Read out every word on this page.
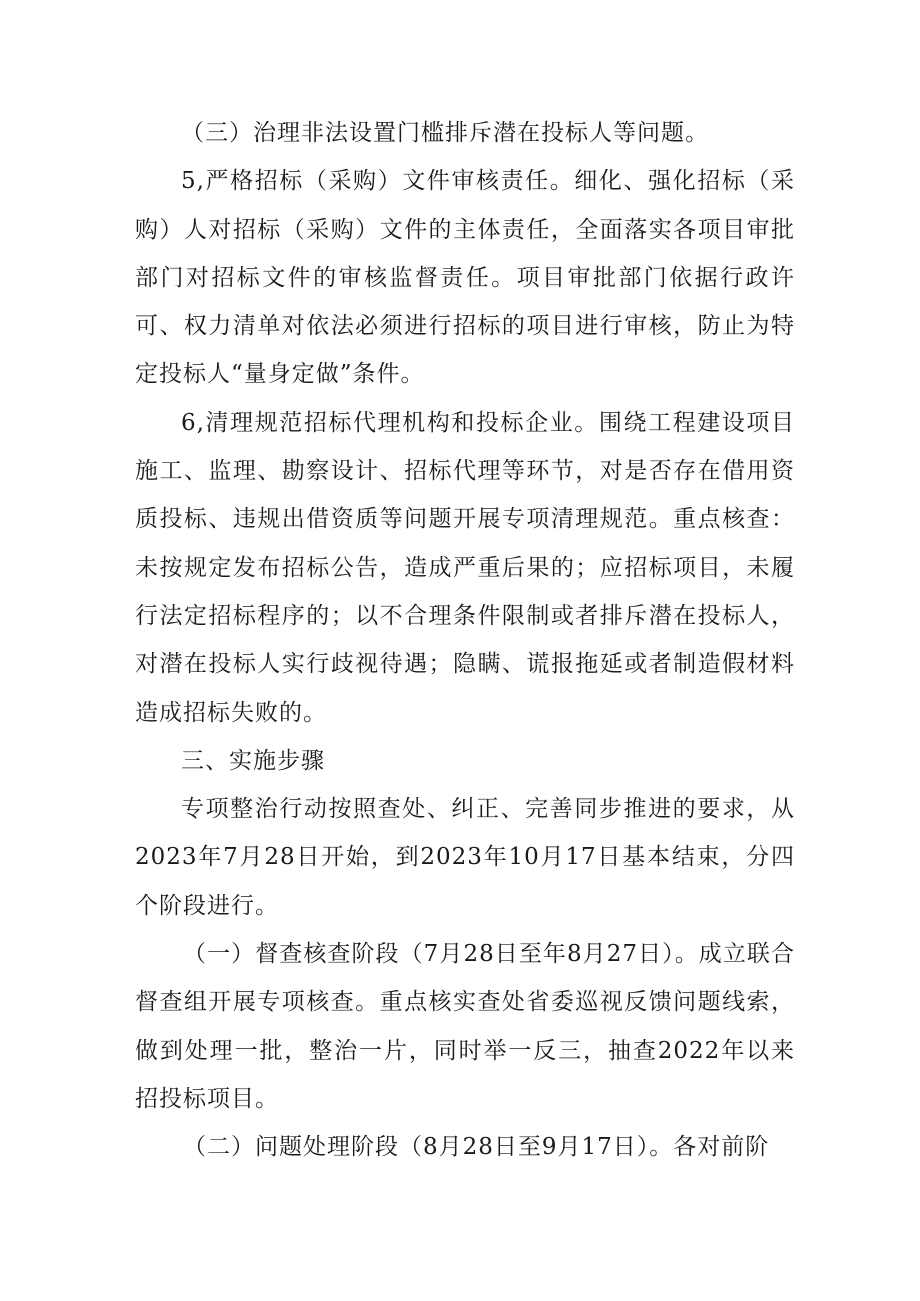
（三）治理非法设置门槛排斥潜在投标人等问题。

5,严格招标（采购）文件审核责任。细化、强化招标（采购）人对招标（采购）文件的主体责任，全面落实各项目审批部门对招标文件的审核监督责任。项目审批部门依据行政许可、权力清单对依法必须进行招标的项目进行审核，防止为特定投标人“量身定做”条件。

6,清理规范招标代理机构和投标企业。围绕工程建设项目施工、监理、勘察设计、招标代理等环节，对是否存在借用资质投标、违规出借资质等问题开展专项清理规范。重点核查：未按规定发布招标公告，造成严重后果的；应招标项目，未履行法定招标程序的；以不合理条件限制或者排斥潜在投标人，对潜在投标人实行歧视待遇；隐瞒、谎报拖延或者制造假材料造成招标失败的。

三、实施步骤

专项整治行动按照查处、纠正、完善同步推进的要求，从2023年7月28日开始，到2023年10月17日基本结束，分四个阶段进行。

（一）督查核查阶段（7月28日至年8月27日）。成立联合督查组开展专项核查。重点核实查处省委巡视反馈问题线索，做到处理一批，整治一片，同时举一反三，抽查2022年以来招投标项目。

（二）问题处理阶段（8月28日至9月17日）。各对前阶
